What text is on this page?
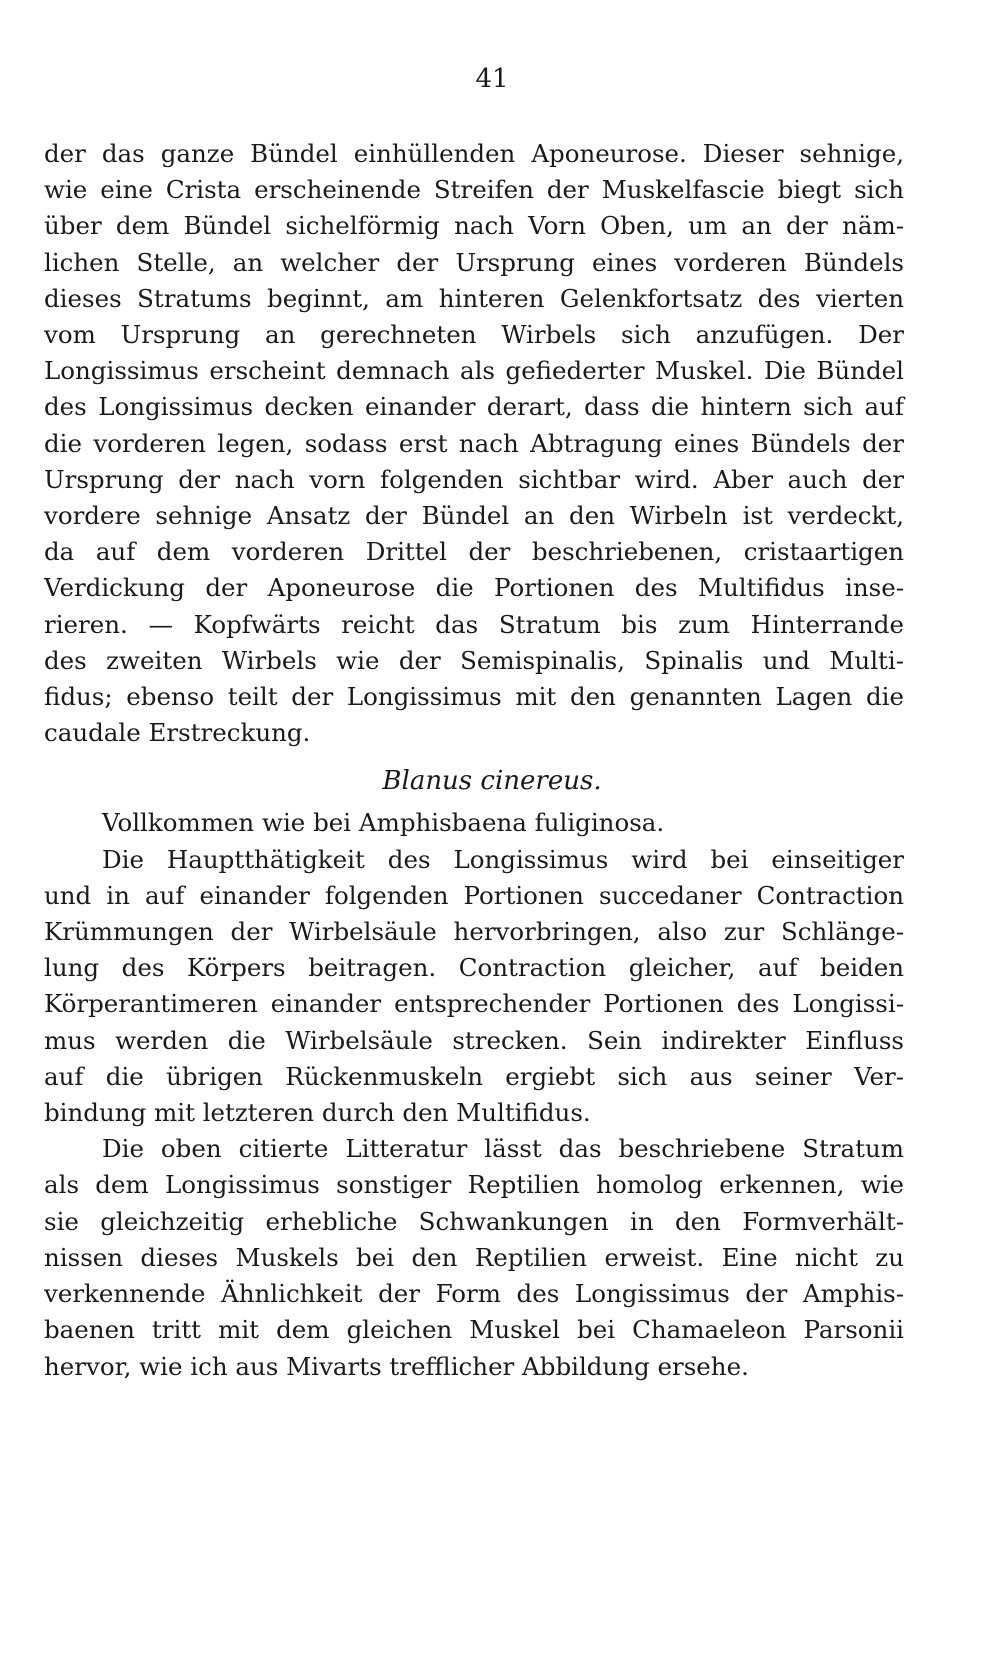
41

der das ganze Bündel einhüllenden Aponeurose. Dieser sehnige,
wie eine Crista erscheinende Streifen der Muskelfascie biegt sich
über dem Bündel sichelförmig nach Vorn Oben, um an der näm-
lichen Stelle, an welcher der Ursprung eines vorderen Bündels
dieses Stratums beginnt, am hinteren Gelenkfortsatz des vierten
vom Ursprung an gerechneten Wirbels sich anzufügen. Der
Longissimus erscheint demnach als gefiederter Muskel. Die Bündel
des Longissimus decken einander derart, dass die hintern sich auf
die vorderen legen, sodass erst nach Abtragung eines Bündels der
Ursprung der nach vorn folgenden sichtbar wird. Aber auch der
vordere sehnige Ansatz der Bündel an den Wirbeln ist verdeckt,
da auf dem vorderen Drittel der beschriebenen, cristaartigen
Verdickung der Aponeurose die Portionen des Multifidus inse-
rieren. — Kopfwärts reicht das Stratum bis zum Hinterrande
des zweiten Wirbels wie der Semispinalis, Spinalis und Multi-
fidus; ebenso teilt der Longissimus mit den genannten Lagen die
caudale Erstreckung.

Blanus cinereus.

Vollkommen wie bei Amphisbaena fuliginosa.

Die Hauptthätigkeit des Longissimus wird bei einseitiger
und in auf einander folgenden Portionen succedaner Contraction
Krümmungen der Wirbelsäule hervorbringen, also zur Schlänge-
lung des Körpers beitragen. Contraction gleicher, auf beiden
Körperantimeren einander entsprechender Portionen des Longissi-
mus werden die Wirbelsäule strecken. Sein indirekter Einfluss
auf die übrigen Rückenmuskeln ergiebt sich aus seiner Ver-
bindung mit letzteren durch den Multifidus.

Die oben citierte Litteratur lässt das beschriebene Stratum
als dem Longissimus sonstiger Reptilien homolog erkennen, wie
sie gleichzeitig erhebliche Schwankungen in den Formverhält-
nissen dieses Muskels bei den Reptilien erweist. Eine nicht zu
verkennende Ähnlichkeit der Form des Longissimus der Amphis-
baenen tritt mit dem gleichen Muskel bei Chamaeleon Parsonii
hervor, wie ich aus Mivarts trefflicher Abbildung ersehe.
